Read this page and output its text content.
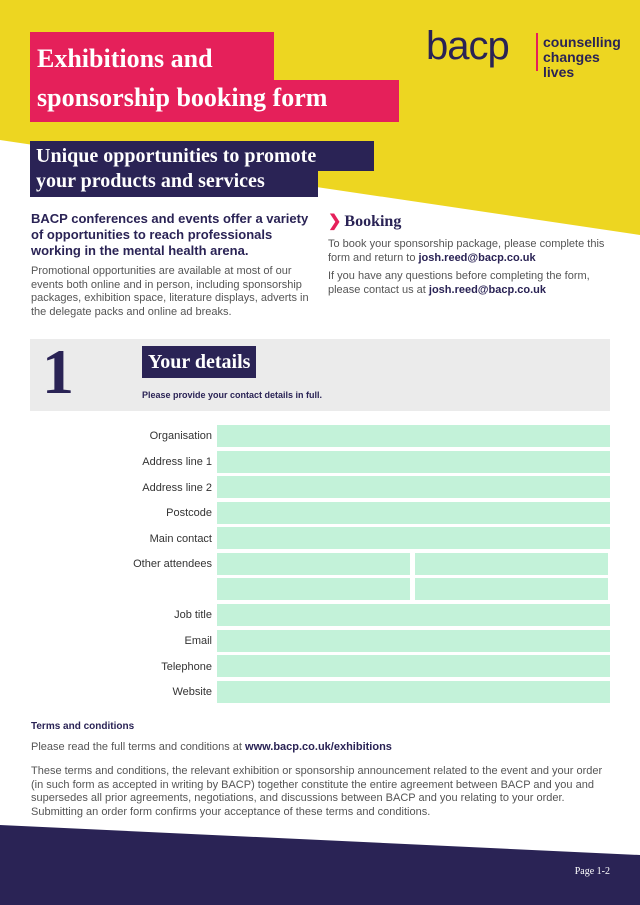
Exhibitions and
sponsorship booking form
bacp counselling
changes lives
Unique opportunities to promote
your products and services
BACP conferences and events offer a variety of opportunities to reach professionals working in the mental health arena.
Promotional opportunities are available at most of our events both online and in person, including sponsorship packages, exhibition space, literature displays, adverts in the delegate packs and online ad breaks.
❯ Booking
To book your sponsorship package, please complete this form and return to josh.reed@bacp.co.uk
If you have any questions before completing the form, please contact us at josh.reed@bacp.co.uk
1	Your details
Please provide your contact details in full.
Organisation
Address line 1
Address line 2
Postcode
Main contact
Other attendees
Job title
Email
Telephone
Website
Terms and conditions
Please read the full terms and conditions at www.bacp.co.uk/exhibitions
These terms and conditions, the relevant exhibition or sponsorship announcement related to the event and your order (in such form as accepted in writing by BACP) together constitute the entire agreement between BACP and you and supersedes all prior agreements, negotiations, and discussions between BACP and you relating to your order. Submitting an order form confirms your acceptance of these terms and conditions.
Page 1-2
